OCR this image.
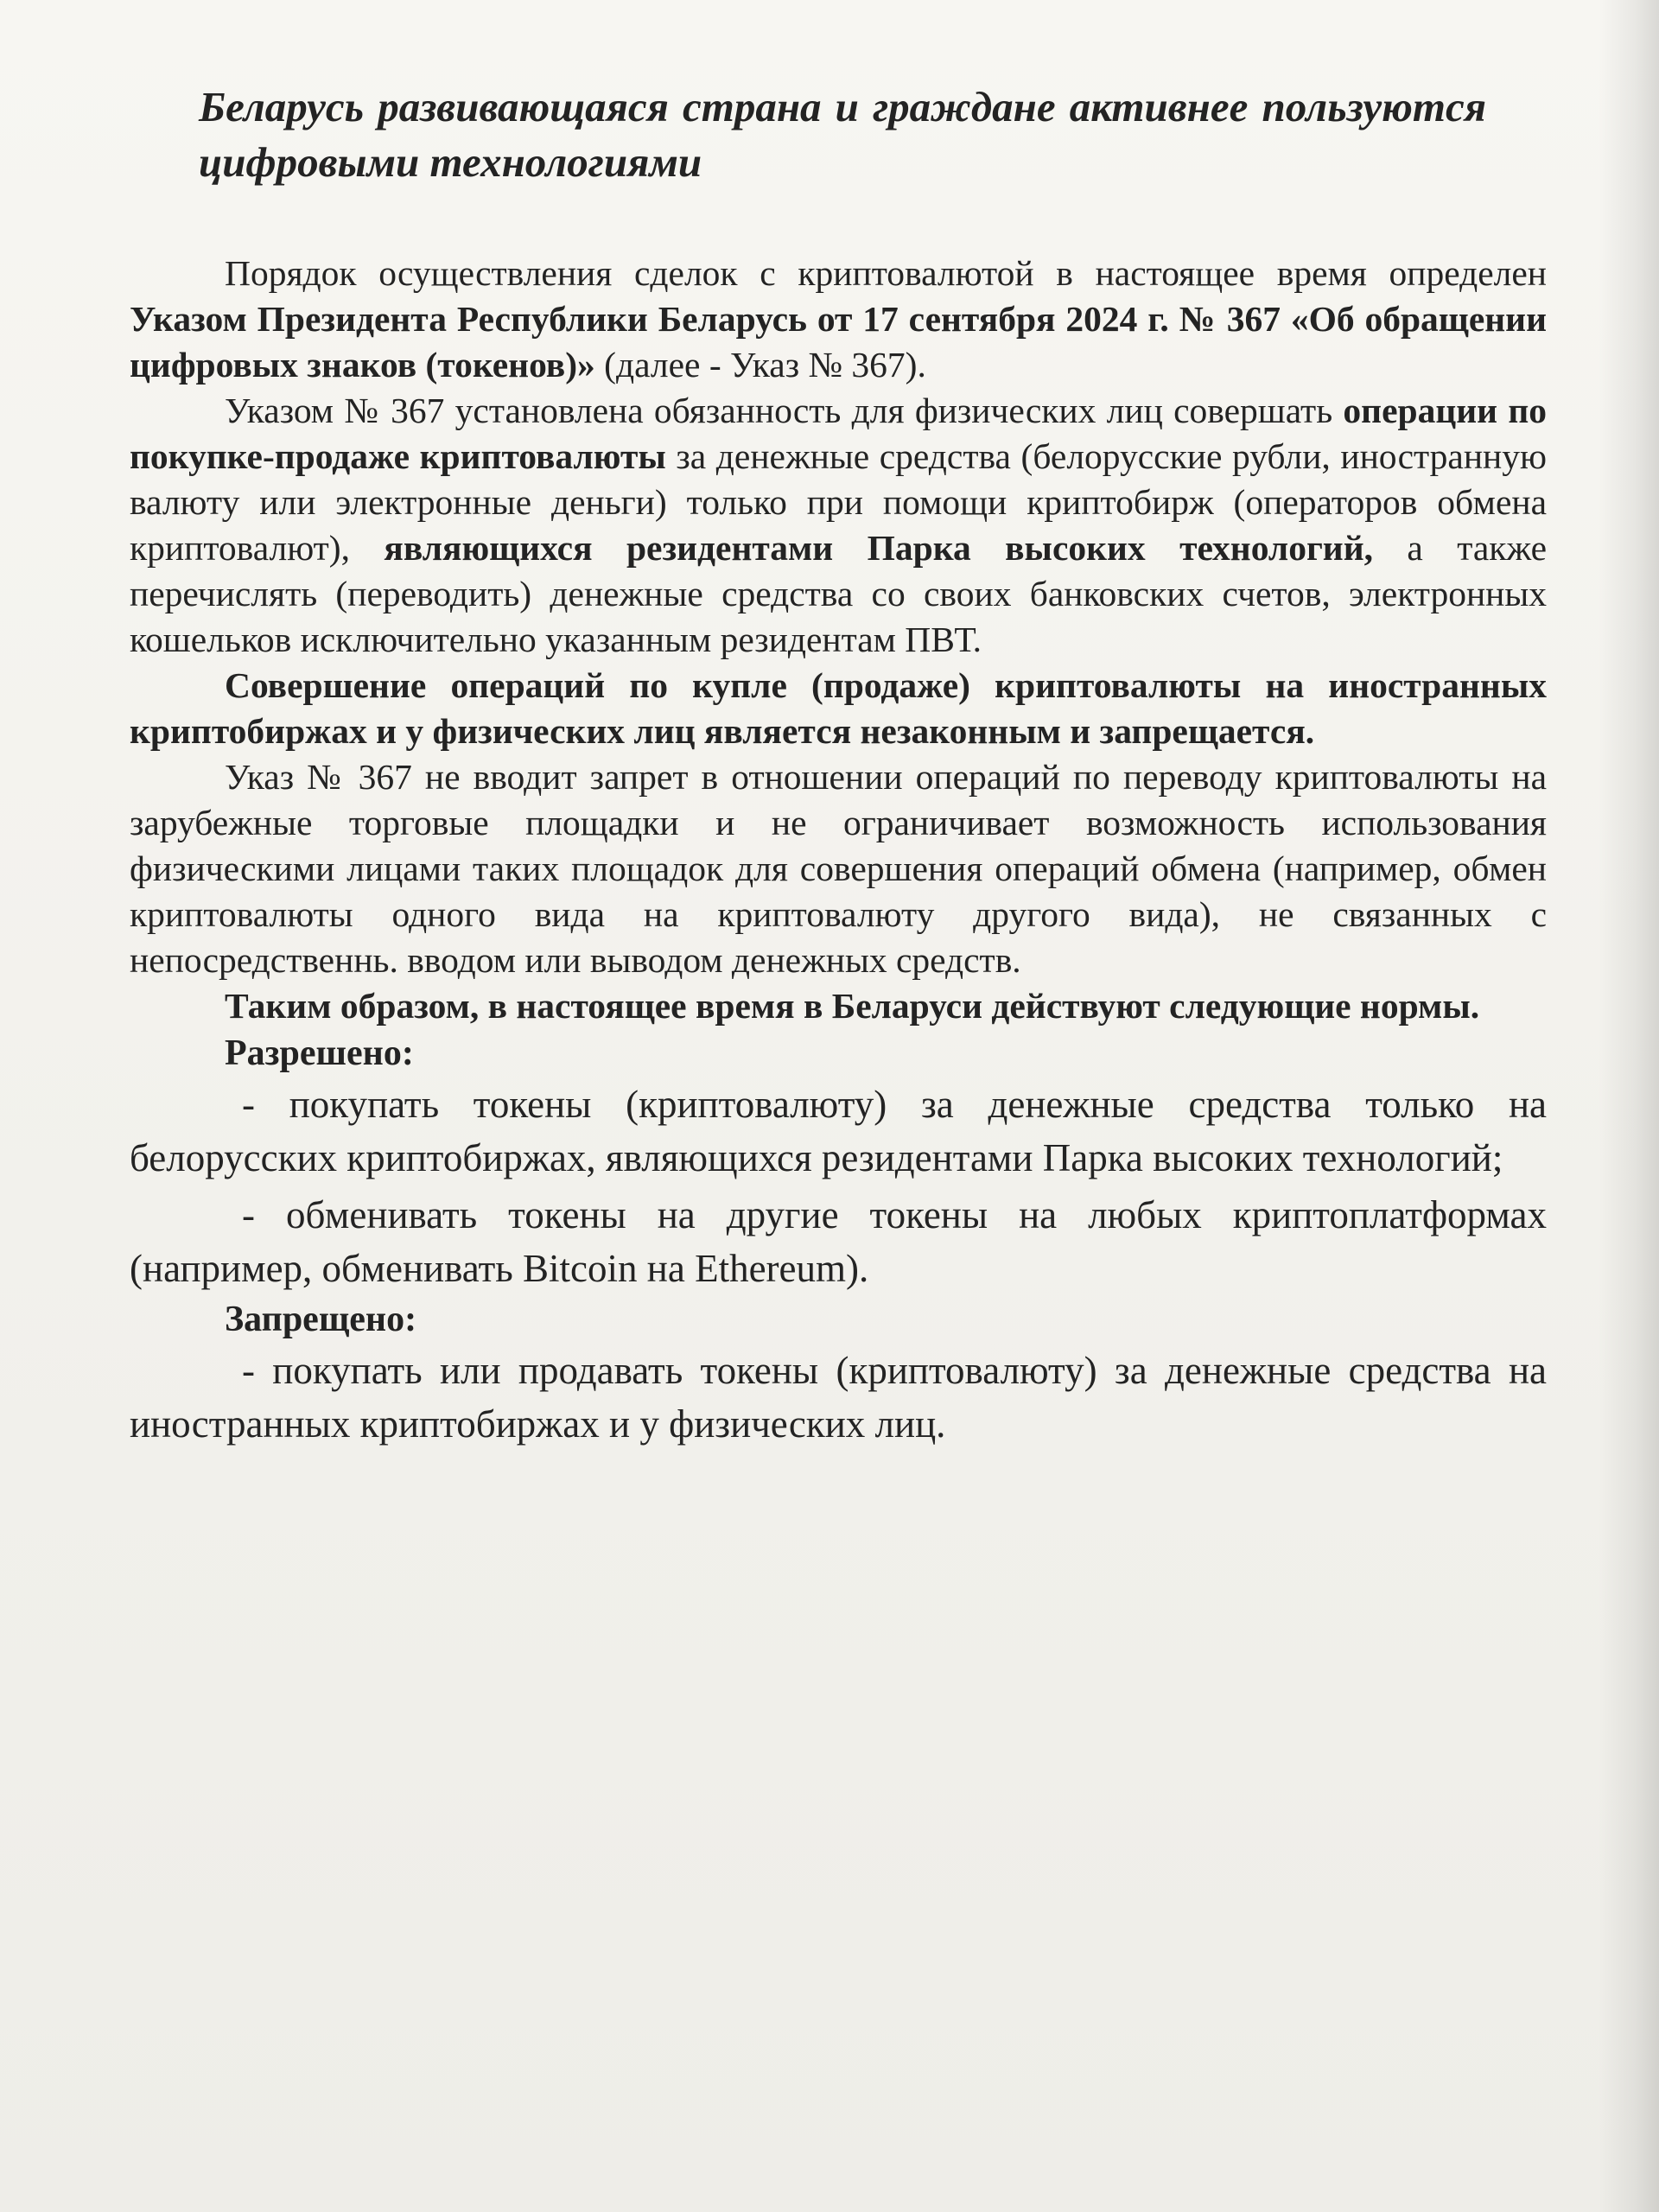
Беларусь развивающаяся страна и граждане активнее пользуются цифровыми технологиями

Порядок осуществления сделок с криптовалютой в настоящее время определен Указом Президента Республики Беларусь от 17 сентября 2024 г. № 367 «Об обращении цифровых знаков (токенов)» (далее - Указ № 367).

Указом № 367 установлена обязанность для физических лиц совершать операции по покупке-продаже криптовалюты за денежные средства (белорусские рубли, иностранную валюту или электронные деньги) только при помощи криптобирж (операторов обмена криптовалют), являющихся резидентами Парка высоких технологий, а также перечислять (переводить) денежные средства со своих банковских счетов, электронных кошельков исключительно указанным резидентам ПВТ.

Совершение операций по купле (продаже) криптовалюты на иностранных криптобиржах и у физических лиц является незаконным и запрещается.

Указ № 367 не вводит запрет в отношении операций по переводу криптовалюты на зарубежные торговые площадки и не ограничивает возможность использования физическими лицами таких площадок для совершения операций обмена (например, обмен криптовалюты одного вида на криптовалюту другого вида), не связанных с непосредственнь. вводом или выводом денежных средств.

Таким образом, в настоящее время в Беларуси действуют следующие нормы.

Разрешено:

- покупать токены (криптовалюту) за денежные средства только на белорусских криптобиржах, являющихся резидентами Парка высоких технологий;

- обменивать токены на другие токены на любых криптоплатформах (например, обменивать Bitcoin на Ethereum).

Запрещено:

- покупать или продавать токены (криптовалюту) за денежные средства на иностранных криптобиржах и у физических лиц.
